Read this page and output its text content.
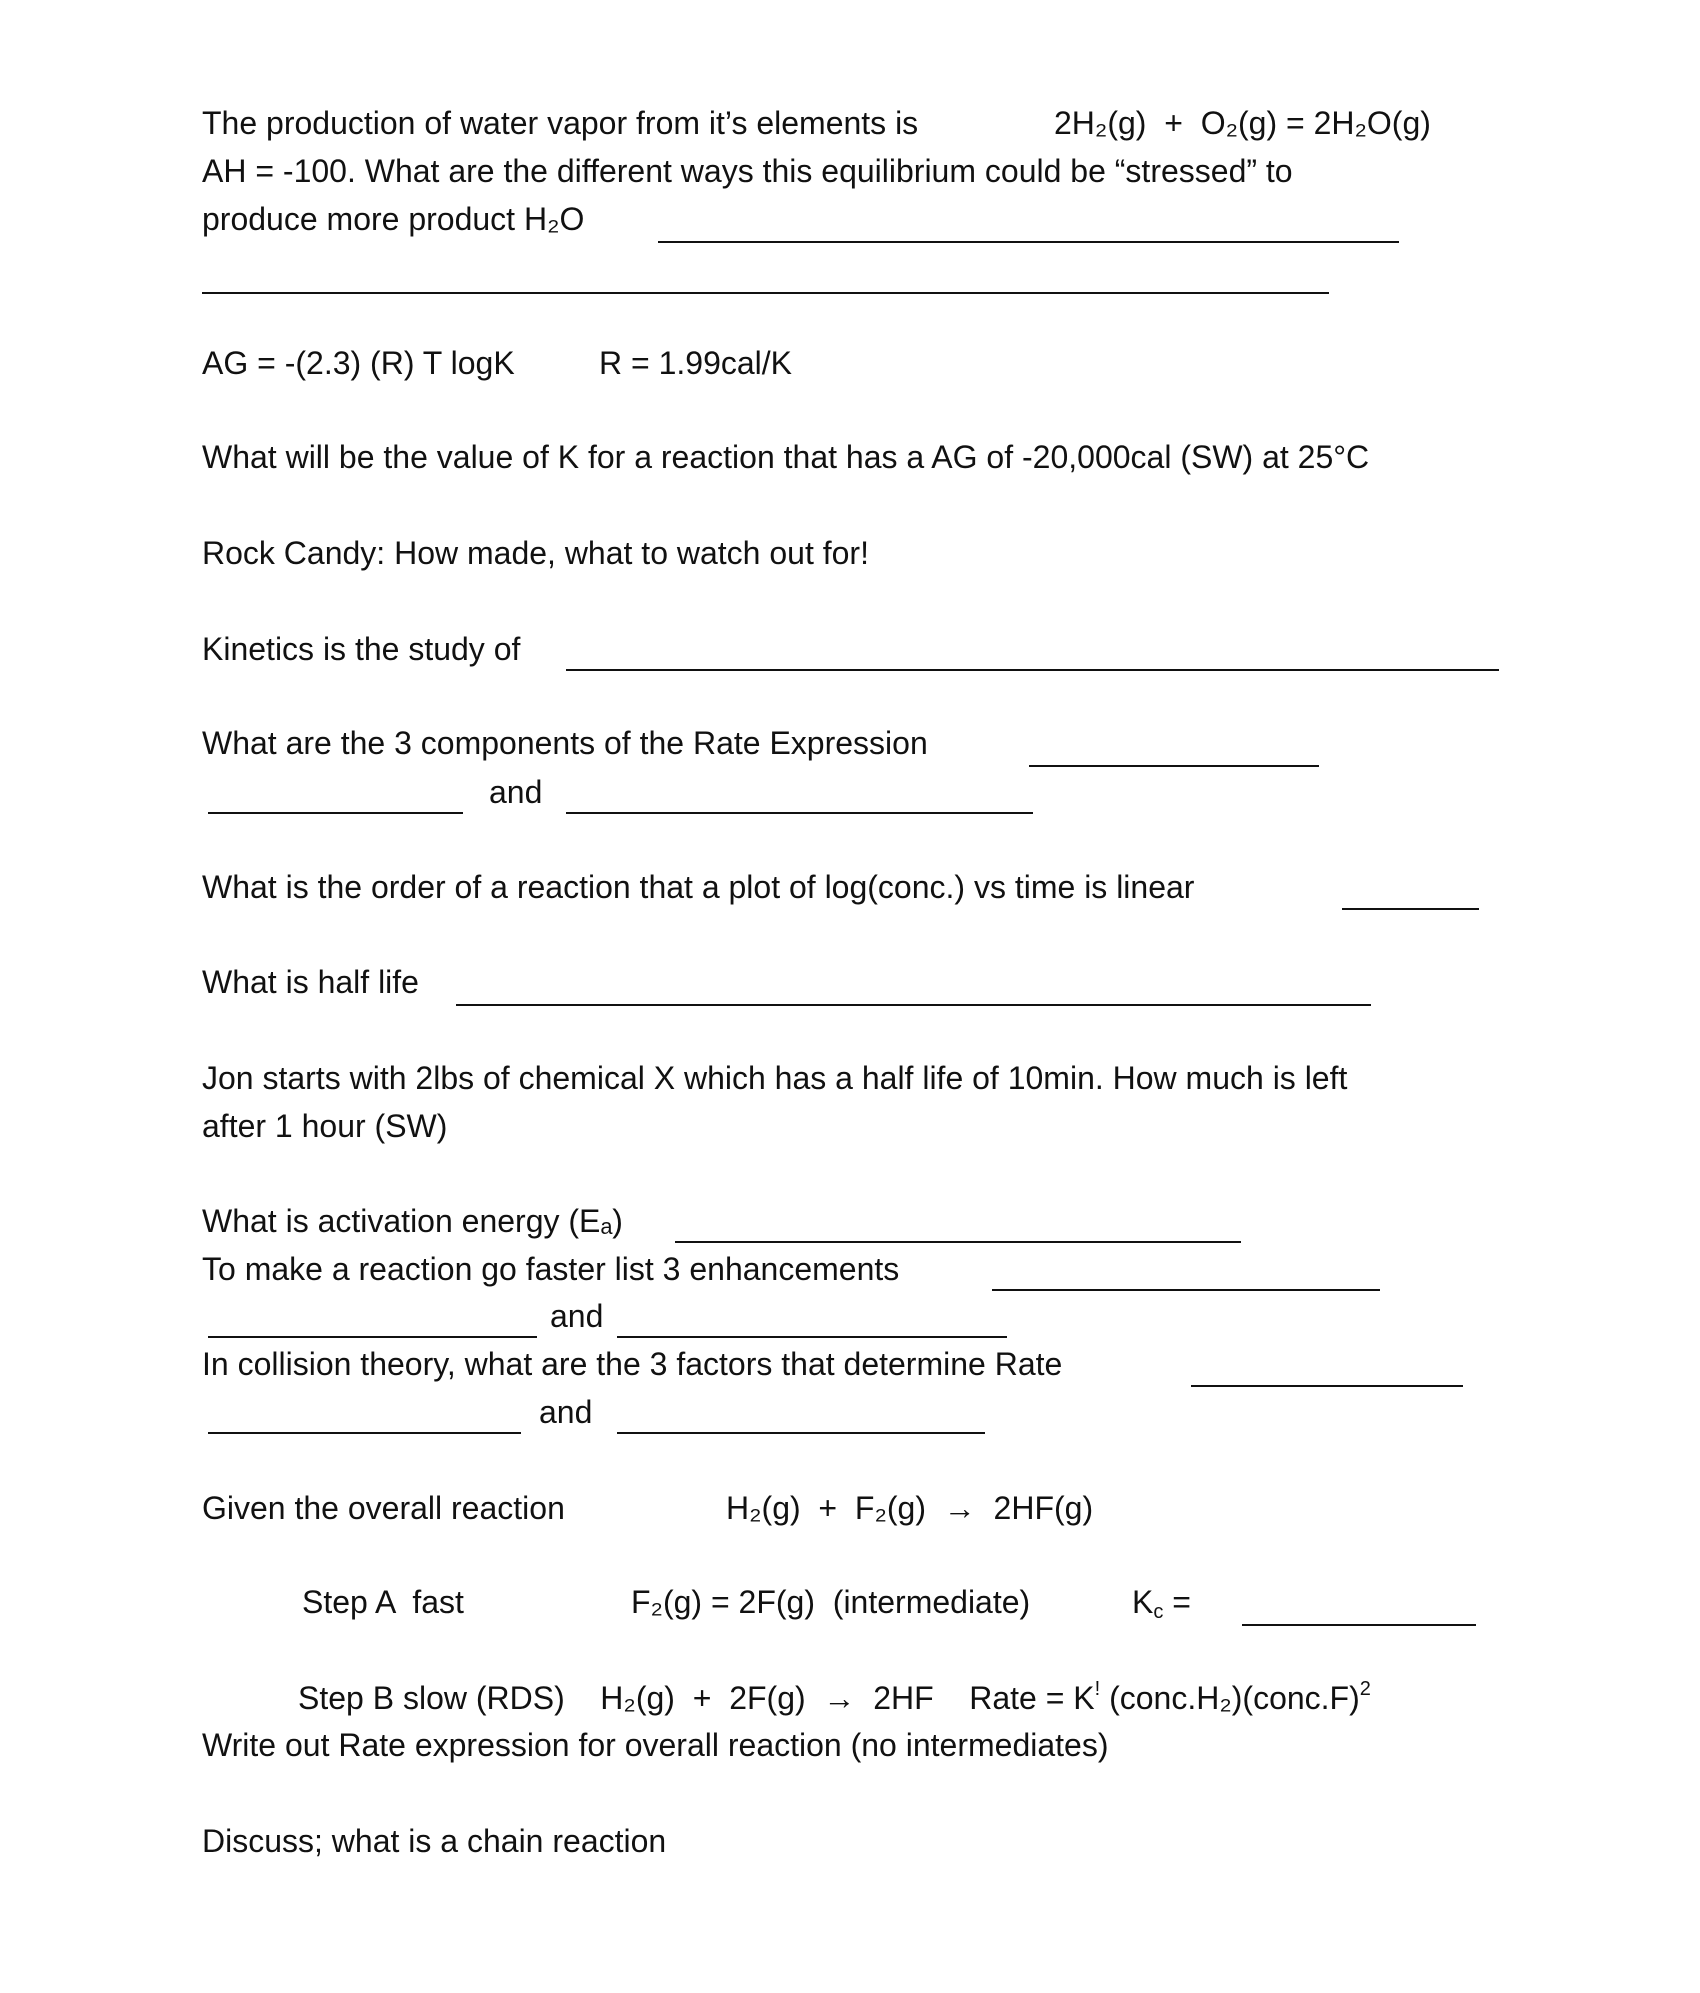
The production of water vapor from it’s elements is	2H₂(g)  +  O₂(g) = 2H₂O(g)
AH = -100. What are the different ways this equilibrium could be “stressed” to
produce more product H₂O
AG = -(2.3) (R) T logK	R = 1.99cal/K
What will be the value of K for a reaction that has a AG of -20,000cal (SW) at 25°C
Rock Candy: How made, what to watch out for!
Kinetics is the study of
What are the 3 components of the Rate Expression
and
What is the order of a reaction that a plot of log(conc.) vs time is linear
What is half life
Jon starts with 2lbs of chemical X which has a half life of 10min. How much is left
after 1 hour (SW)
What is activation energy (Eₐ)
To make a reaction go faster list 3 enhancements
and
In collision theory, what are the 3 factors that determine Rate
and
Given the overall reaction	H₂(g)  +  F₂(g)  →  2HF(g)
Step A  fast	F₂(g) = 2F(g)  (intermediate)	$K_c$ =
Step B slow (RDS)    H₂(g)  +  2F(g)  →  2HF    Rate = K! (conc.H₂)(conc.F)$^2$
Write out Rate expression for overall reaction (no intermediates)
Discuss; what is a chain reaction
